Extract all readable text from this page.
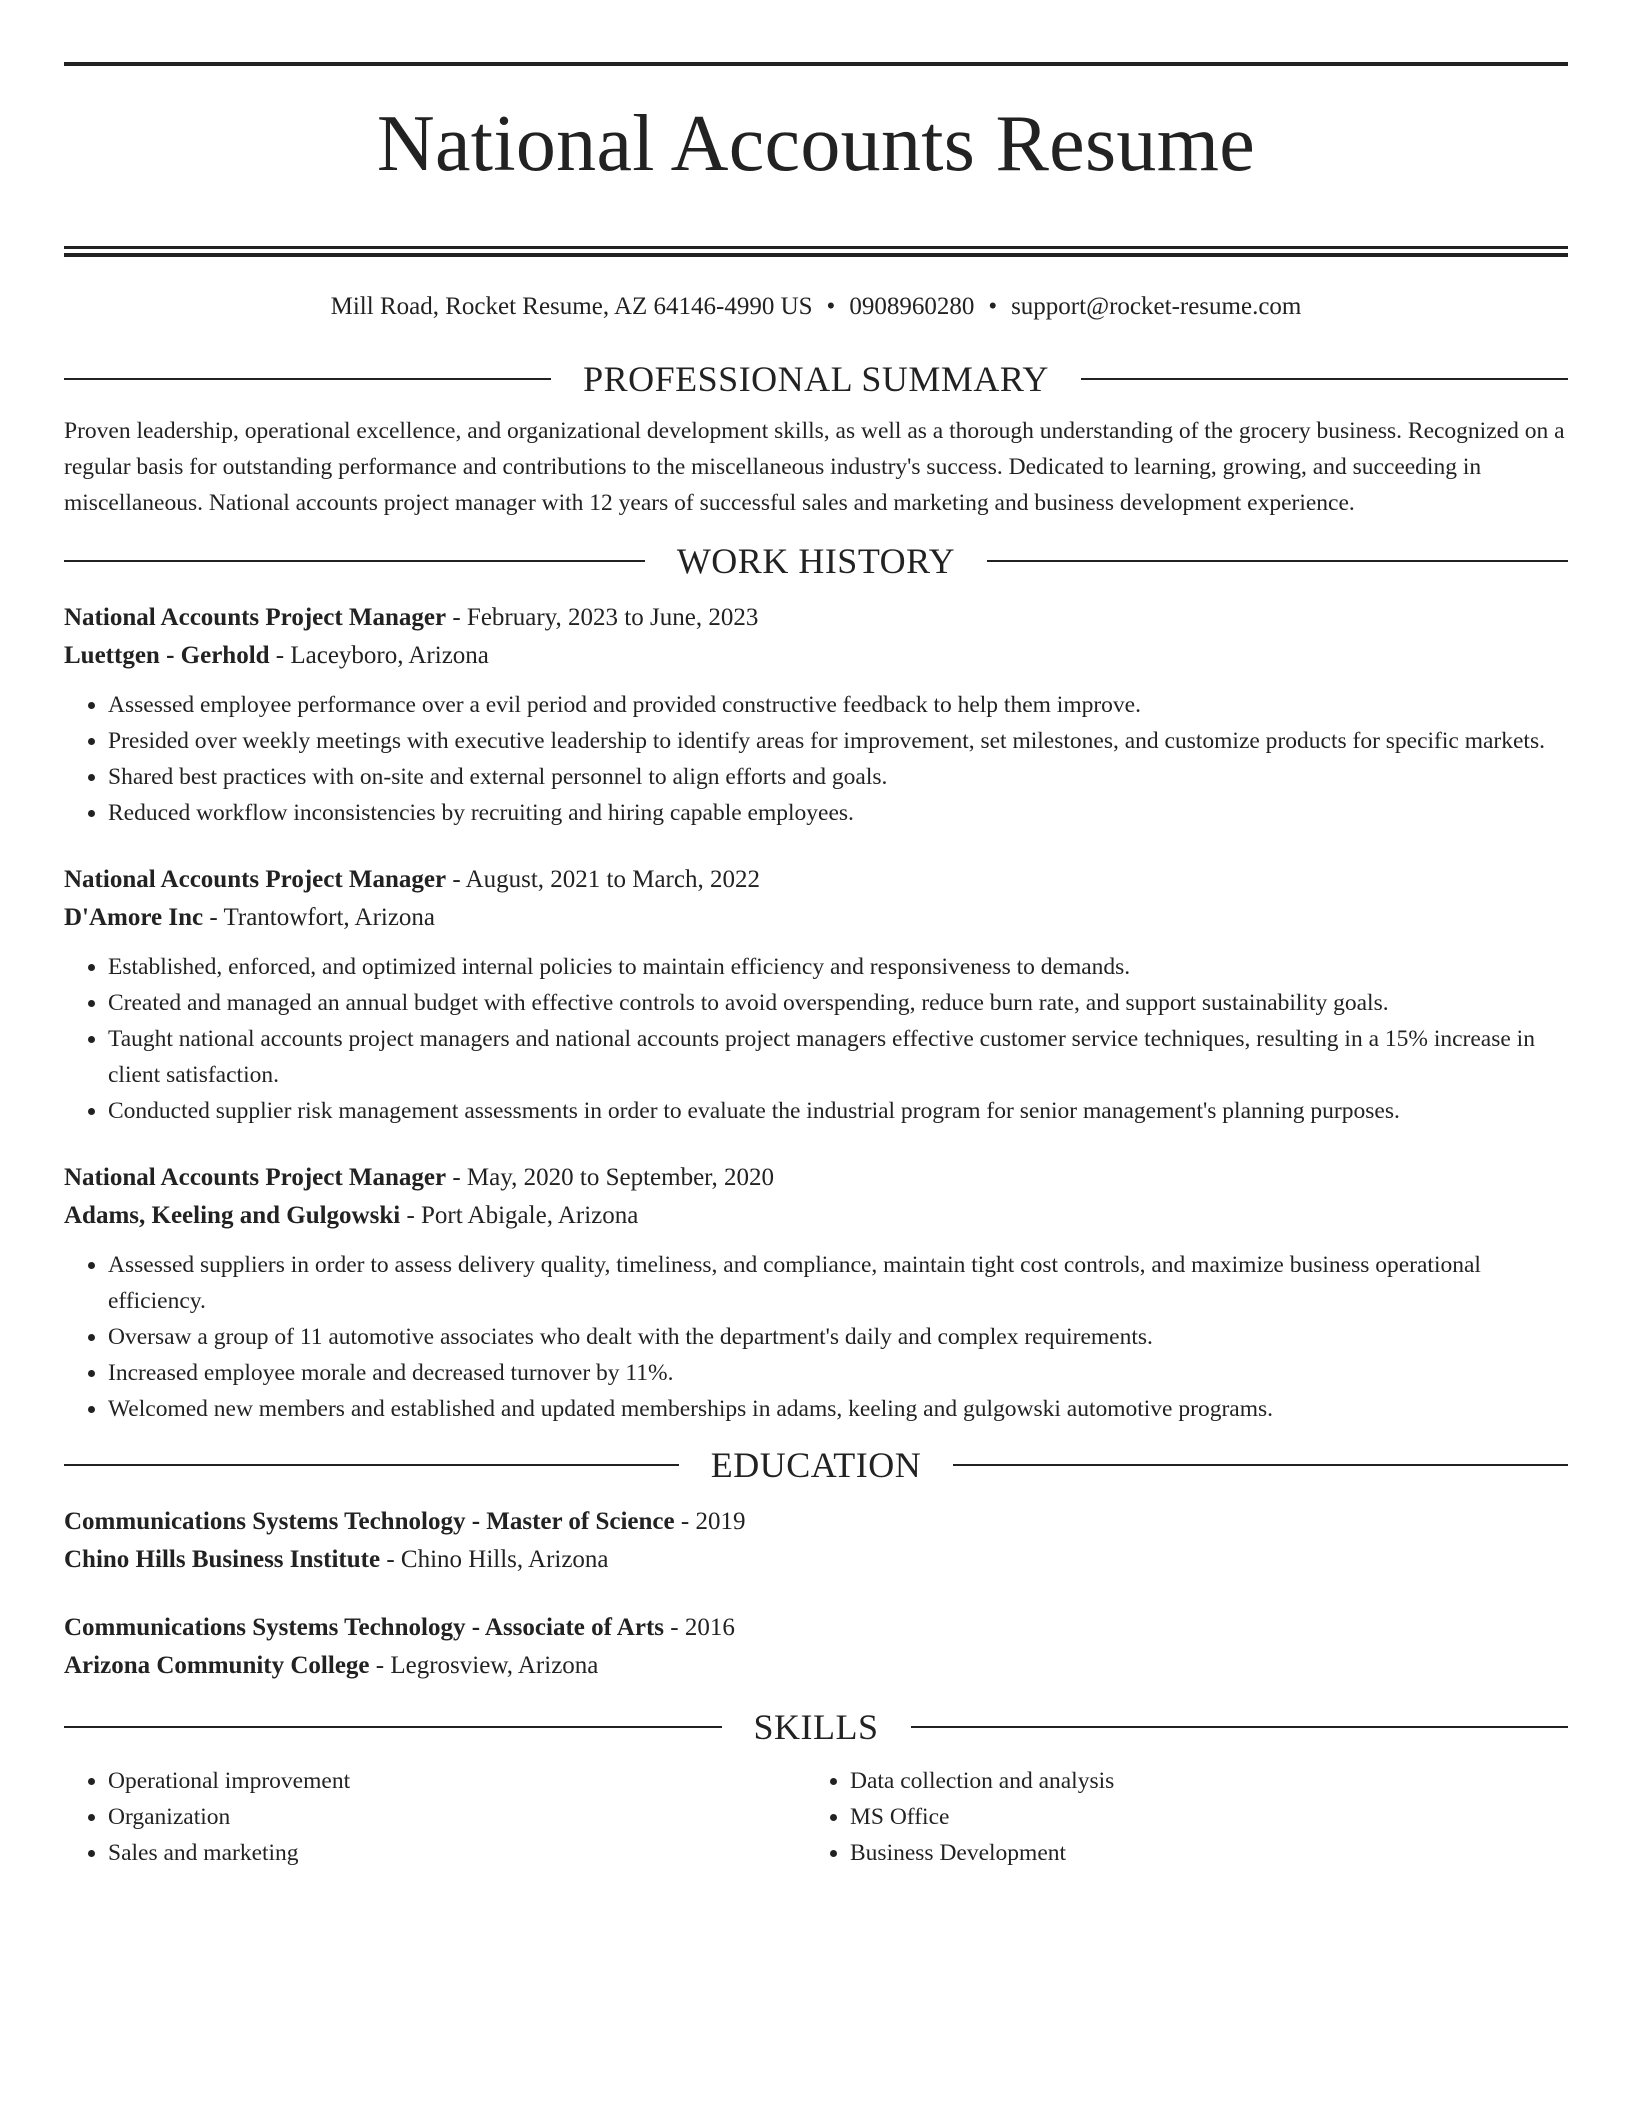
National Accounts Resume
Mill Road, Rocket Resume, AZ 64146-4990 US • 0908960280 • support@rocket-resume.com
PROFESSIONAL SUMMARY

Proven leadership, operational excellence, and organizational development skills, as well as a thorough understanding of the grocery business. Recognized on a regular basis for outstanding performance and contributions to the miscellaneous industry's success. Dedicated to learning, growing, and succeeding in miscellaneous. National accounts project manager with 12 years of successful sales and marketing and business development experience.

WORK HISTORY
National Accounts Project Manager - February, 2023 to June, 2023
Luettgen - Gerhold - Laceyboro, Arizona
• Assessed employee performance over a evil period and provided constructive feedback to help them improve.
• Presided over weekly meetings with executive leadership to identify areas for improvement, set milestones, and customize products for specific markets.
• Shared best practices with on-site and external personnel to align efforts and goals.
• Reduced workflow inconsistencies by recruiting and hiring capable employees.
National Accounts Project Manager - August, 2021 to March, 2022
D'Amore Inc - Trantowfort, Arizona
• Established, enforced, and optimized internal policies to maintain efficiency and responsiveness to demands.
• Created and managed an annual budget with effective controls to avoid overspending, reduce burn rate, and support sustainability goals.
• Taught national accounts project managers and national accounts project managers effective customer service techniques, resulting in a 15% increase in client satisfaction.
• Conducted supplier risk management assessments in order to evaluate the industrial program for senior management's planning purposes.
National Accounts Project Manager - May, 2020 to September, 2020
Adams, Keeling and Gulgowski - Port Abigale, Arizona
• Assessed suppliers in order to assess delivery quality, timeliness, and compliance, maintain tight cost controls, and maximize business operational efficiency.
• Oversaw a group of 11 automotive associates who dealt with the department's daily and complex requirements.
• Increased employee morale and decreased turnover by 11%.
• Welcomed new members and established and updated memberships in adams, keeling and gulgowski automotive programs.
EDUCATION
Communications Systems Technology - Master of Science - 2019
Chino Hills Business Institute - Chino Hills, Arizona
Communications Systems Technology - Associate of Arts - 2016
Arizona Community College - Legrosview, Arizona
SKILLS
• Operational improvement
• Organization
• Sales and marketing
• Data collection and analysis
• MS Office
• Business Development
